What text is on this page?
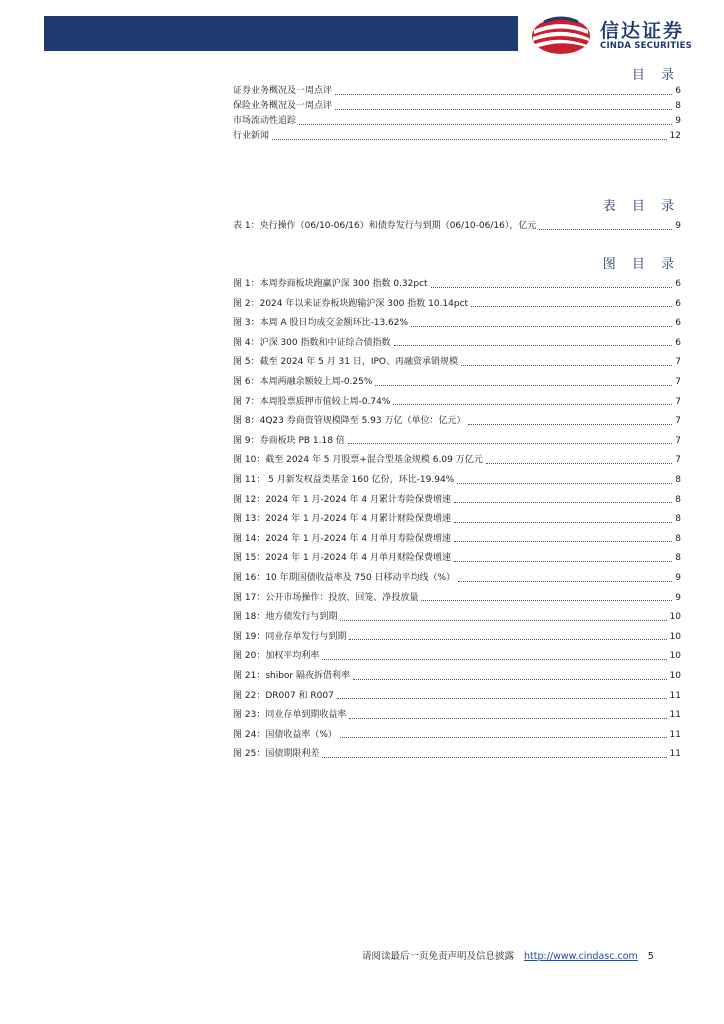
信达证券
CINDA SECURITIES
目 录
证券业务概况及一周点评	6
保险业务概况及一周点评	8
市场流动性追踪	9
行业新闻	12
表 目 录
表 1：央行操作（06/10-06/16）和债券发行与到期（06/10-06/16），亿元	9
图 目 录
图 1：本周券商板块跑赢沪深 300 指数 0.32pct	6
图 2：2024 年以来证券板块跑输沪深 300 指数 10.14pct	6
图 3：本周 A 股日均成交金额环比-13.62%	6
图 4：沪深 300 指数和中证综合债指数	6
图 5：截至 2024 年 5 月 31 日，IPO、再融资承销规模	7
图 6：本周两融余额较上周-0.25%	7
图 7：本周股票质押市值较上周-0.74%	7
图 8：4Q23 券商资管规模降至 5.93 万亿（单位：亿元）	7
图 9：券商板块 PB 1.18 倍	7
图 10：截至 2024 年 5 月股票+混合型基金规模 6.09 万亿元	7
图 11： 5 月新发权益类基金 160 亿份，环比-19.94%	8
图 12：2024 年 1 月-2024 年 4 月累计寿险保费增速	8
图 13：2024 年 1 月-2024 年 4 月累计财险保费增速	8
图 14：2024 年 1 月-2024 年 4 月单月寿险保费增速	8
图 15：2024 年 1 月-2024 年 4 月单月财险保费增速	8
图 16：10 年期国债收益率及 750 日移动平均线（%）	9
图 17：公开市场操作：投放、回笼、净投放量	9
图 18：地方债发行与到期	10
图 19：同业存单发行与到期	10
图 20：加权平均利率	10
图 21：shibor 隔夜拆借利率	10
图 22：DR007 和 R007	11
图 23：同业存单到期收益率	11
图 24：国债收益率（%）	11
图 25：国债期限利差	11
请阅读最后一页免责声明及信息披露 http://www.cindasc.com 5
